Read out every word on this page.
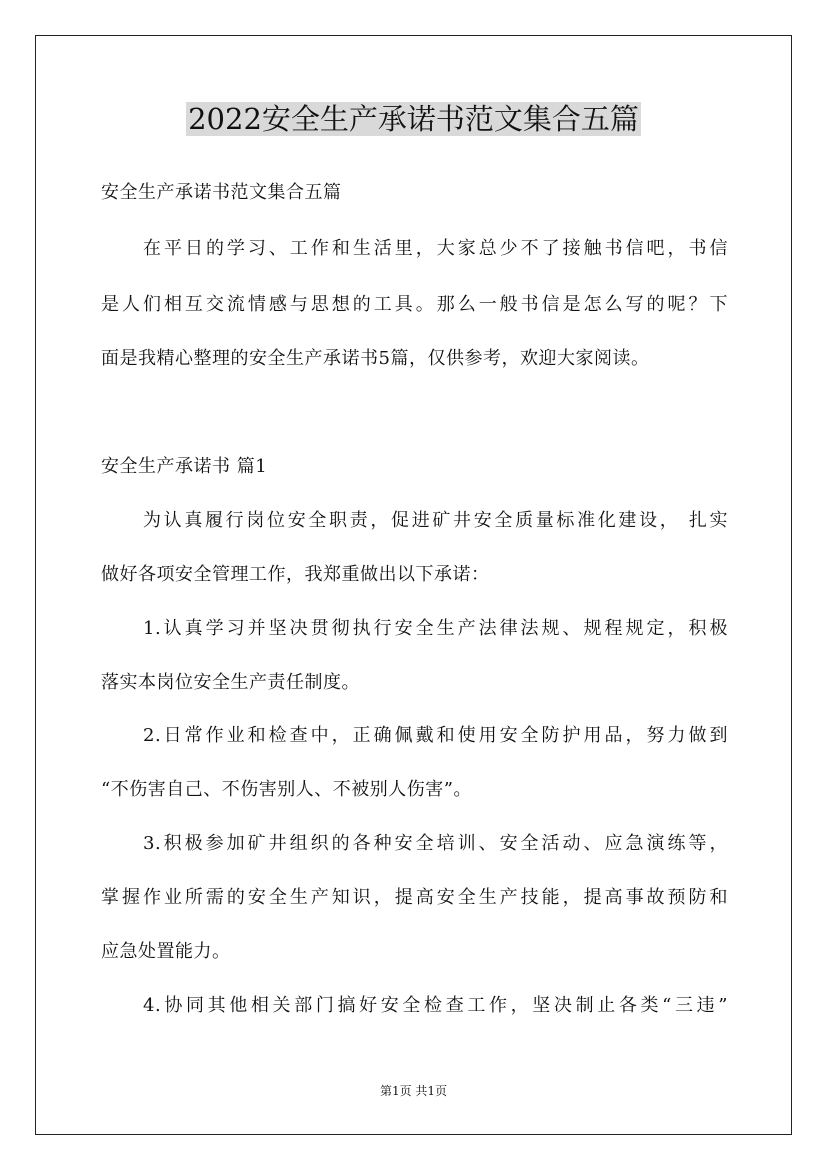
2022安全生产承诺书范文集合五篇
安全生产承诺书范文集合五篇
在平日的学习、工作和生活里，大家总少不了接触书信吧，书信
是人们相互交流情感与思想的工具。那么一般书信是怎么写的呢？下
面是我精心整理的安全生产承诺书5篇，仅供参考，欢迎大家阅读。
安全生产承诺书 篇1
为认真履行岗位安全职责，促进矿井安全质量标准化建设， 扎实
做好各项安全管理工作，我郑重做出以下承诺：
1.认真学习并坚决贯彻执行安全生产法律法规、规程规定，积极
落实本岗位安全生产责任制度。
2.日常作业和检查中，正确佩戴和使用安全防护用品，努力做到
“不伤害自己、不伤害别人、不被别人伤害”。
3.积极参加矿井组织的各种安全培训、安全活动、应急演练等，
掌握作业所需的安全生产知识，提高安全生产技能，提高事故预防和
应急处置能力。
4.协同其他相关部门搞好安全检查工作，坚决制止各类“三违”
第1页 共1页
